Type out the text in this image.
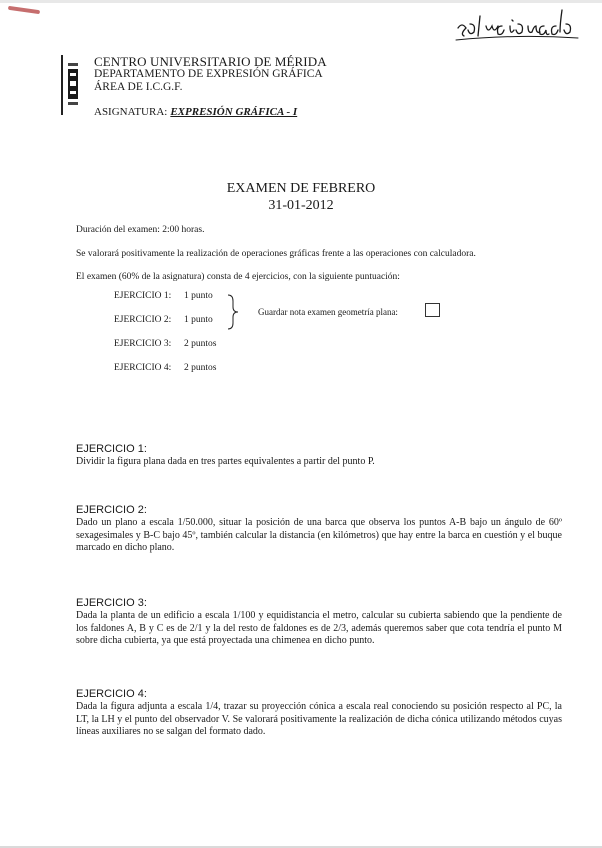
CENTRO UNIVERSITARIO DE MÉRIDA
DEPARTAMENTO DE EXPRESIÓN GRÁFICA
ÁREA DE I.C.G.F.
ASIGNATURA: EXPRESIÓN GRÁFICA - I
EXAMEN DE FEBRERO
31-01-2012
Duración del examen: 2:00 horas.
Se valorará positivamente la realización de operaciones gráficas frente a las operaciones con calculadora.
El examen (60% de la asignatura) consta de 4 ejercicios, con la siguiente puntuación:
EJERCICIO 1: 1 punto
EJERCICIO 2: 1 punto
EJERCICIO 3: 2 puntos
EJERCICIO 4: 2 puntos
Guardar nota examen geometría plana:
EJERCICIO 1:
Dividir la figura plana dada en tres partes equivalentes a partir del punto P.
EJERCICIO 2:
Dado un plano a escala 1/50.000, situar la posición de una barca que observa los puntos A-B bajo un ángulo de 60º sexagesimales y B-C bajo 45º, también calcular la distancia (en kilómetros) que hay entre la barca en cuestión y el buque marcado en dicho plano.
EJERCICIO 3:
Dada la planta de un edificio a escala 1/100 y equidistancia el metro, calcular su cubierta sabiendo que la pendiente de los faldones A, B y C es de 2/1 y la del resto de faldones es de 2/3, además queremos saber que cota tendría el punto M sobre dicha cubierta, ya que está proyectada una chimenea en dicho punto.
EJERCICIO 4:
Dada la figura adjunta a escala 1/4, trazar su proyección cónica a escala real conociendo su posición respecto al PC, la LT, la LH y el punto del observador V. Se valorará positivamente la realización de dicha cónica utilizando métodos cuyas líneas auxiliares no se salgan del formato dado.
